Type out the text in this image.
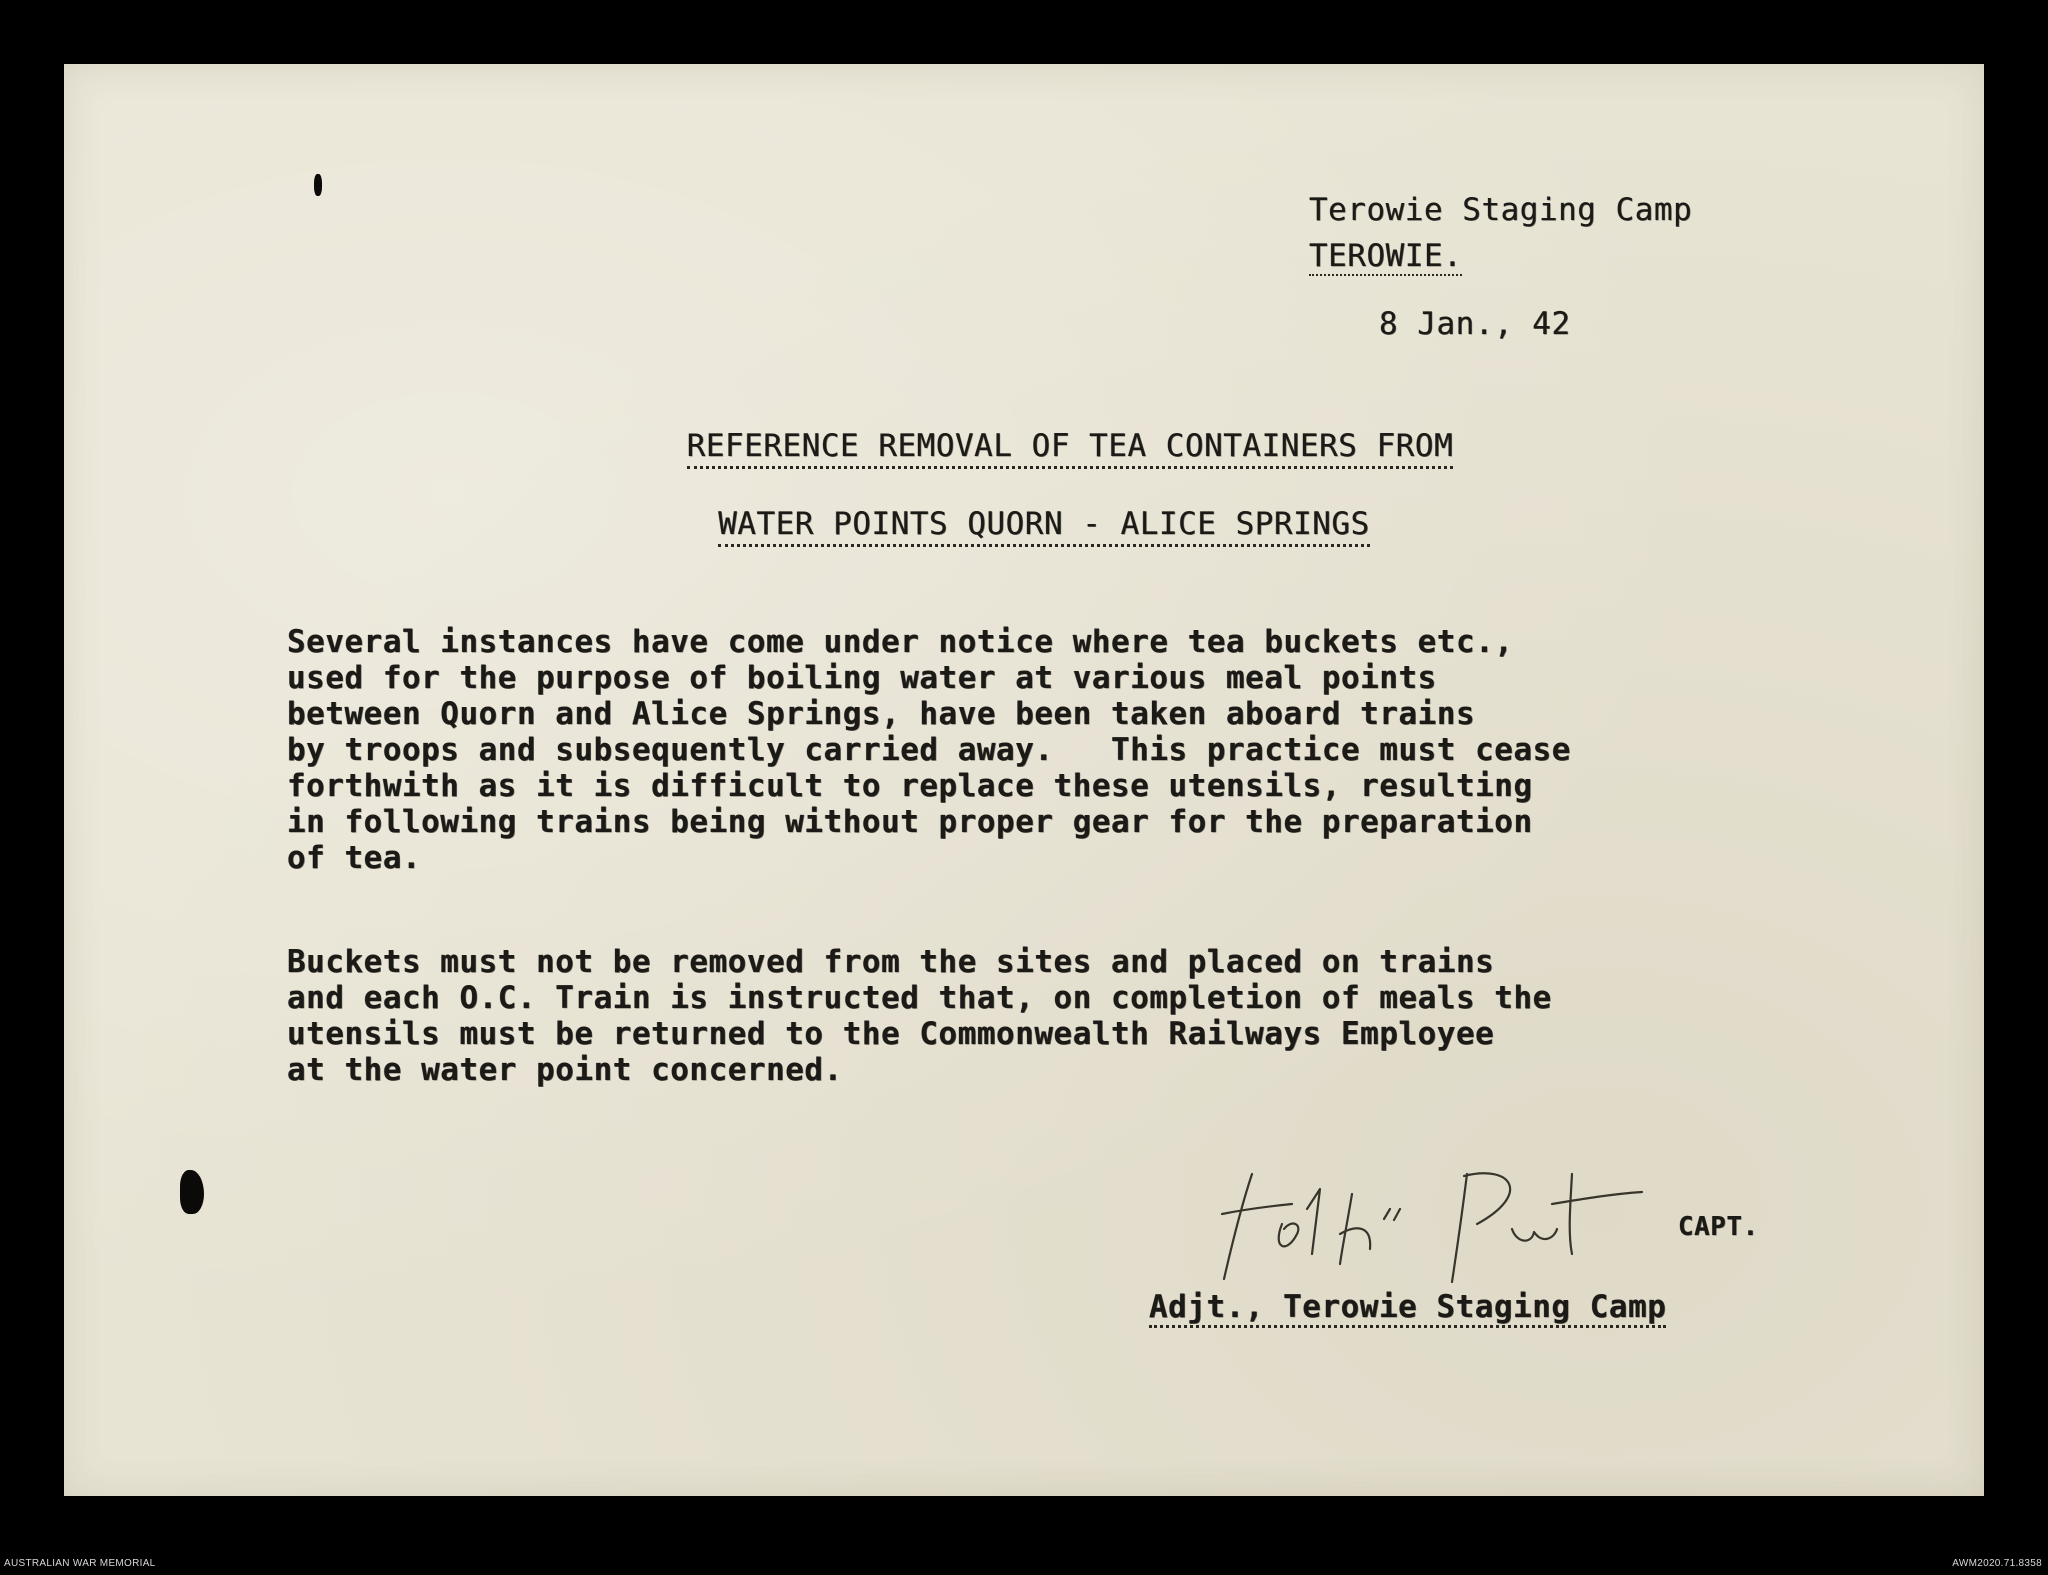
Terowie Staging Camp
TEROWIE.
8 Jan., 42
REFERENCE REMOVAL OF TEA CONTAINERS FROM
WATER POINTS QUORN - ALICE SPRINGS
Several instances have come under notice where tea buckets etc.,
used for the purpose of boiling water at various meal points
between Quorn and Alice Springs, have been taken aboard trains
by troops and subsequently carried away.   This practice must cease
forthwith as it is difficult to replace these utensils, resulting
in following trains being without proper gear for the preparation
of tea.
Buckets must not be removed from the sites and placed on trains
and each O.C. Train is instructed that, on completion of meals the
utensils must be returned to the Commonwealth Railways Employee
at the water point concerned.
CAPT.
Adjt., Terowie Staging Camp
AUSTRALIAN WAR MEMORIAL	AWM2020.71.8358
